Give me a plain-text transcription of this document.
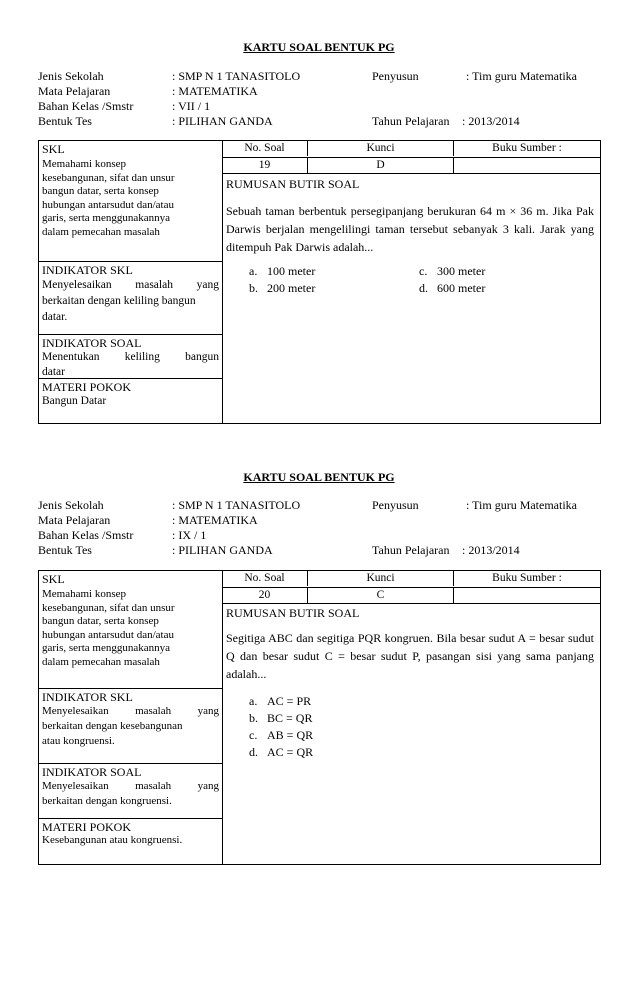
KARTU SOAL BENTUK PG
Jenis Sekolah	: SMP N 1 TANASITOLO	Penyusun	: Tim guru Matematika
Mata Pelajaran	: MATEMATIKA
Bahan Kelas /Smstr	: VII / 1
Bentuk Tes	: PILIHAN GANDA	Tahun Pelajaran : 2013/2014
SKL
Memahami konsep
kesebangunan, sifat dan unsur
bangun datar, serta konsep
hubungan antarsudut dan/atau
garis, serta menggunakannya
dalam pemecahan masalah
INDIKATOR SKL
Menyelesaikan masalah yang
berkaitan dengan keliling bangun
datar.
INDIKATOR SOAL
Menentukan keliling bangun
datar
MATERI POKOK
Bangun Datar
No. Soal	Kunci	Buku Sumber :
19	D
RUMUSAN BUTIR SOAL
Sebuah taman berbentuk persegipanjang berukuran 64 m × 36 m. Jika Pak Darwis berjalan mengelilingi taman tersebut sebanyak 3 kali. Jarak yang ditempuh Pak Darwis adalah...
a. 100 meter
b. 200 meter
c. 300 meter
d. 600 meter
KARTU SOAL BENTUK PG
Jenis Sekolah	: SMP N 1 TANASITOLO	Penyusun	: Tim guru Matematika
Mata Pelajaran	: MATEMATIKA
Bahan Kelas /Smstr	: IX / 1
Bentuk Tes	: PILIHAN GANDA	Tahun Pelajaran : 2013/2014
SKL
Memahami konsep
kesebangunan, sifat dan unsur
bangun datar, serta konsep
hubungan antarsudut dan/atau
garis, serta menggunakannya
dalam pemecahan masalah
INDIKATOR SKL
Menyelesaikan masalah yang
berkaitan dengan kesebangunan
atau kongruensi.
INDIKATOR SOAL
Menyelesaikan masalah yang
berkaitan dengan kongruensi.
MATERI POKOK
Kesebangunan atau kongruensi.
No. Soal	Kunci	Buku Sumber :
20	C
RUMUSAN BUTIR SOAL
Segitiga ABC dan segitiga PQR kongruen. Bila besar sudut A = besar sudut Q dan besar sudut C = besar sudut P, pasangan sisi yang sama panjang adalah...
a. AC = PR
b. BC = QR
c. AB = QR
d. AC = QR
